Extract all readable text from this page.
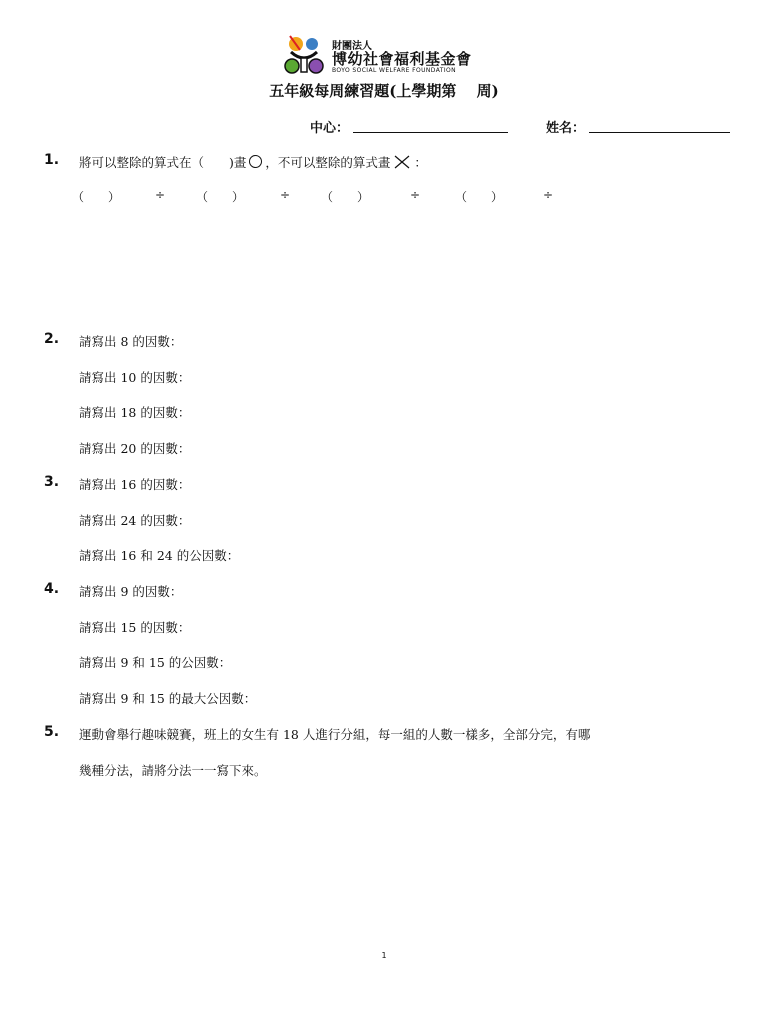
財團法人
博幼社會福利基金會
BOYO SOCIAL WELFARE FOUNDATION
五年級每周練習題(上學期第　 周)
中心：	姓名：
1. 將可以整除的算式在（　　)畫 ○ ，不可以整除的算式畫 ：
（　　）	÷	（　　）	÷	（　　）	÷	（　　）	÷
2. 請寫出 8 的因數：
請寫出 10 的因數：
請寫出 18 的因數：
請寫出 20 的因數：
3. 請寫出 16 的因數：
請寫出 24 的因數：
請寫出 16 和 24 的公因數：
4. 請寫出 9 的因數：
請寫出 15 的因數：
請寫出 9 和 15 的公因數：
請寫出 9 和 15 的最大公因數：
5. 運動會舉行趣味競賽，班上的女生有 18 人進行分組，每一組的人數一樣多，全部分完，有哪
幾種分法，請將分法一一寫下來。
1
